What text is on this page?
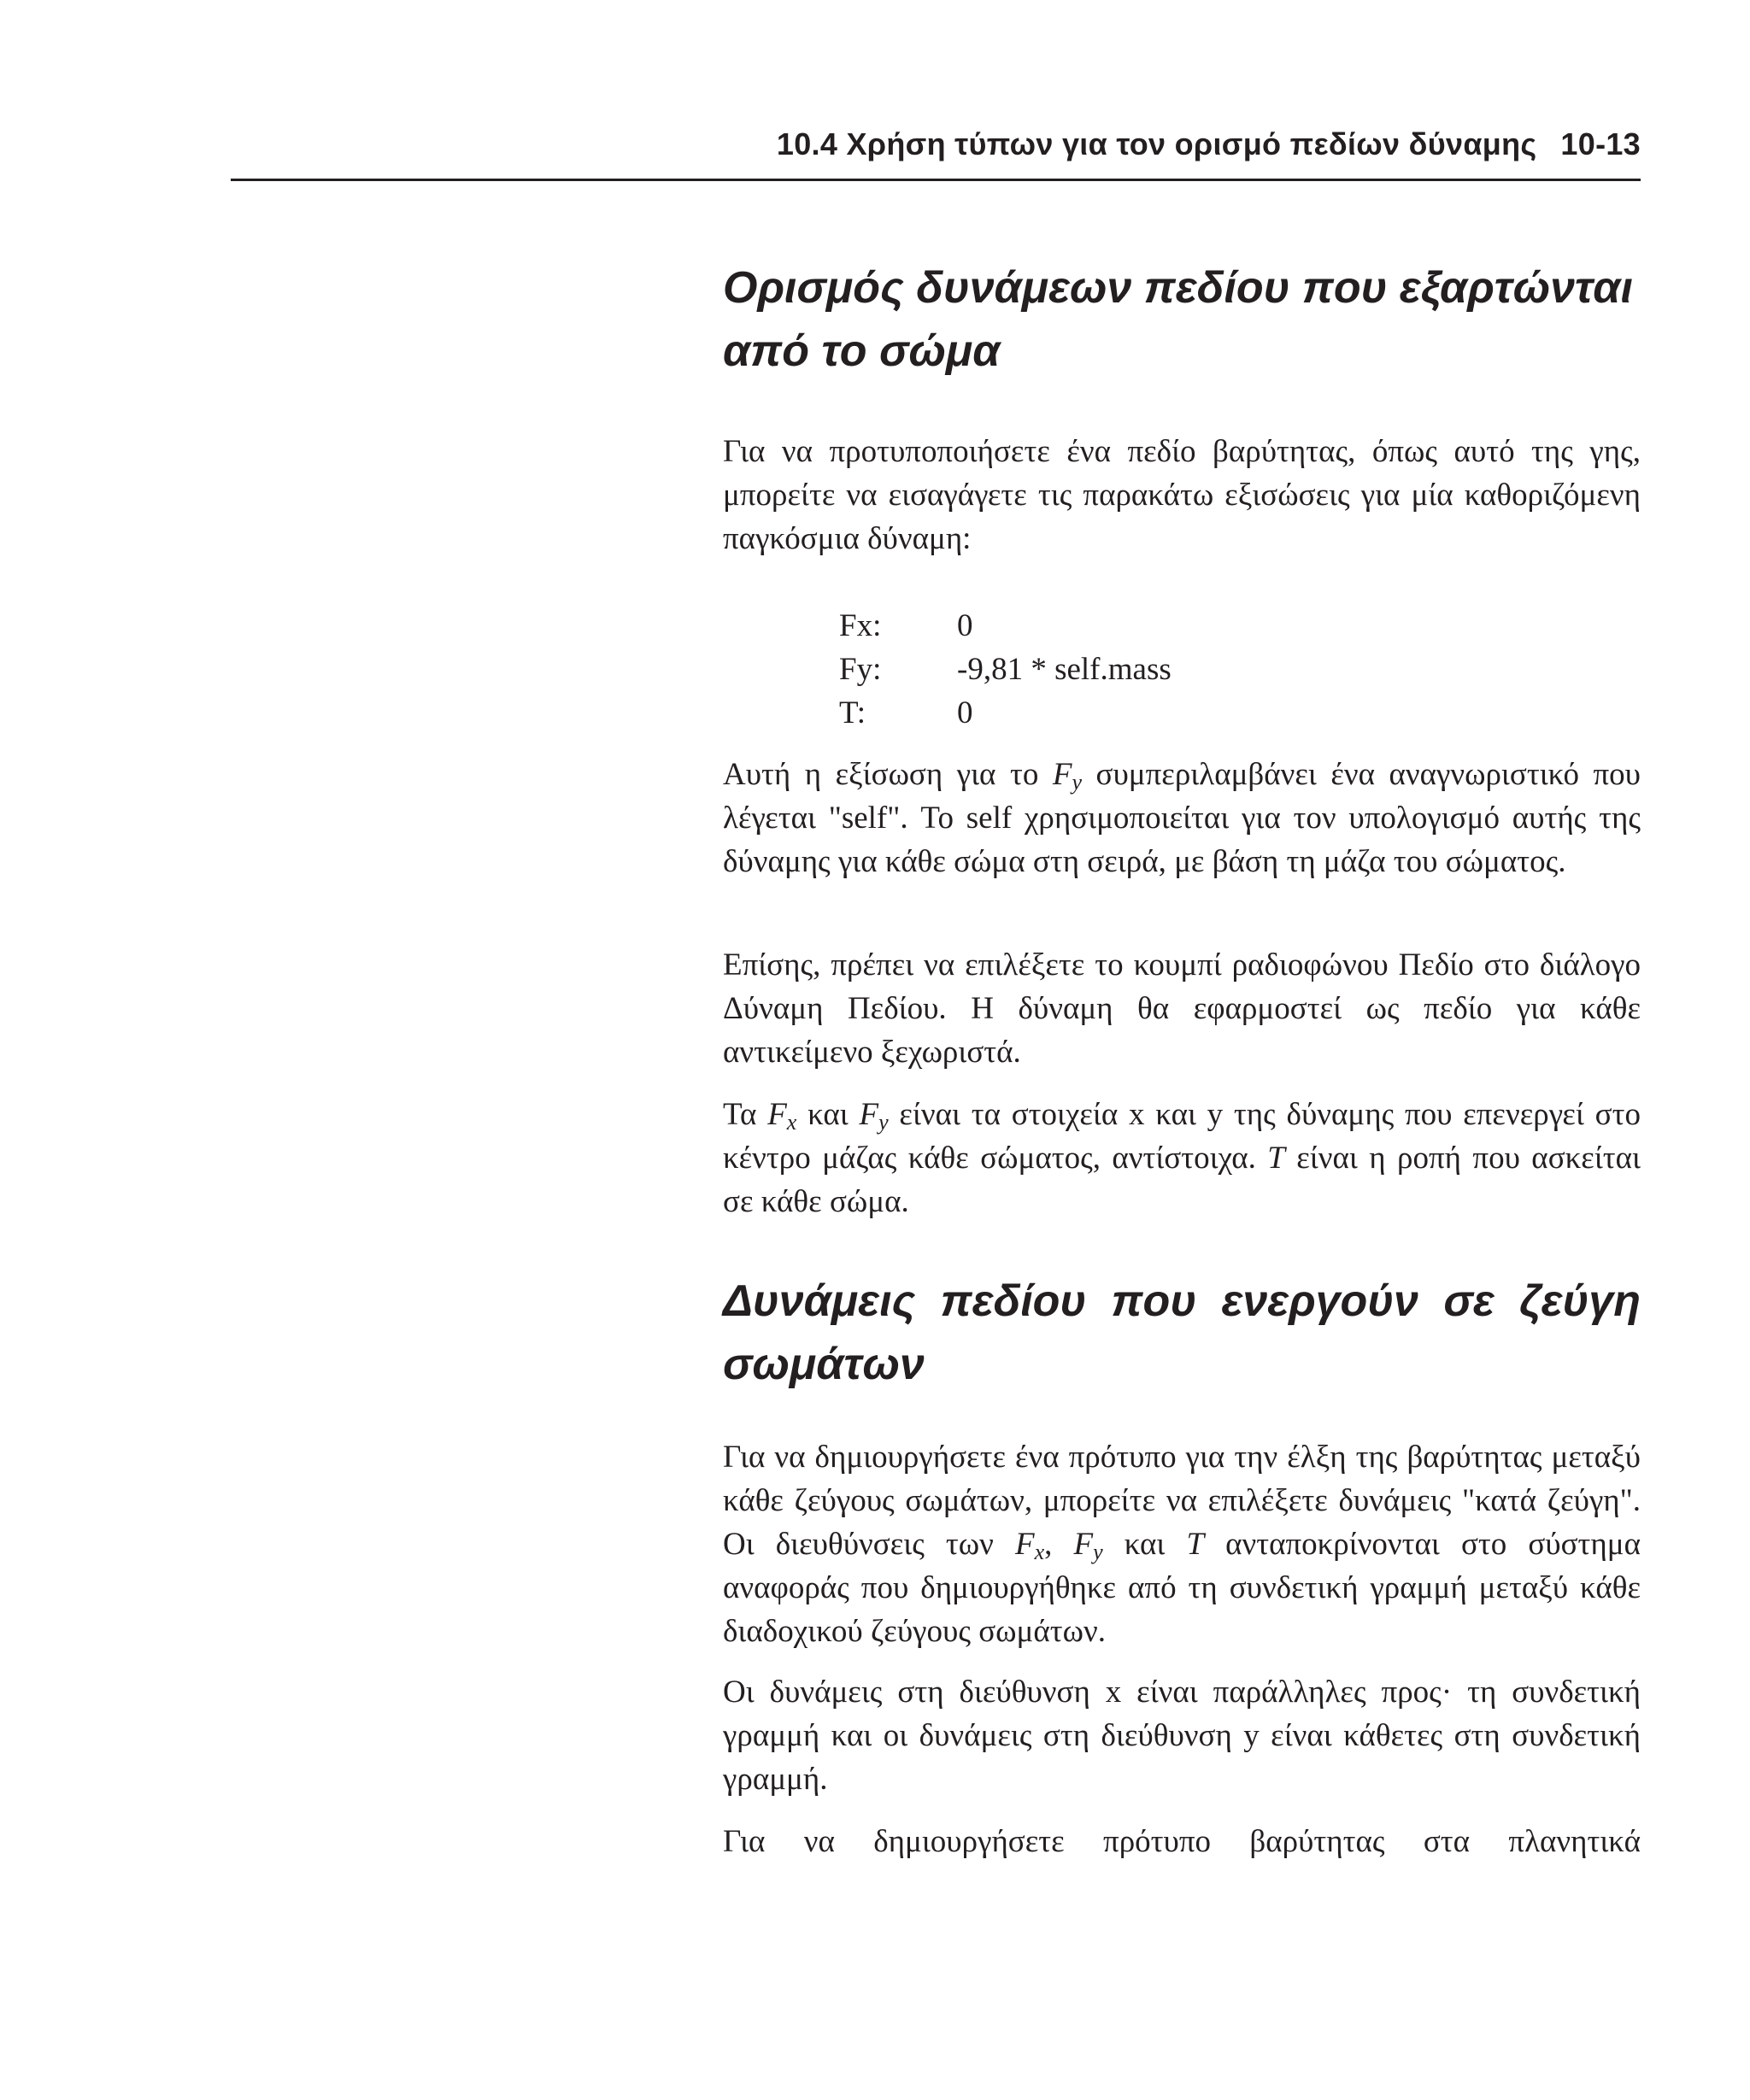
10.4 Χρήση τύπων για τον ορισμό πεδίων δύναμης 10-13
Ορισμός δυνάμεων πεδίου που εξαρτώνται
από το σώμα

Για να προτυποποιήσετε ένα πεδίο βαρύτητας, όπως αυτό της γης, μπορείτε να εισαγάγετε τις παρακάτω εξισώσεις για μία καθοριζόμενη παγκόσμια δύναμη:

Fx: 0
Fy: -9,81 * self.mass
T:	0

Αυτή η εξίσωση για το $F_y$ συμπεριλαμβάνει ένα αναγνωριστικό που λέγεται "self". Το self χρησιμοποιείται για τον υπολογισμό αυτής της δύναμης για κάθε σώμα στη σειρά, με βάση τη μάζα του σώματος.

Επίσης, πρέπει να επιλέξετε το κουμπί ραδιοφώνου Πεδίο στο διάλογο Δύναμη Πεδίου. Η δύναμη θα εφαρμοστεί ως πεδίο για κάθε αντικείμενο ξεχωριστά.

Τα $F_x$ και $F_y$ είναι τα στοιχεία x και y της δύναμης που επενεργεί στο κέντρο μάζας κάθε σώματος, αντίστοιχα. T είναι η ροπή που ασκείται σε κάθε σώμα.

Δυνάμεις πεδίου που ενεργούν σε ζεύγη
σωμάτων

Για να δημιουργήσετε ένα πρότυπο για την έλξη της βαρύτητας μεταξύ κάθε ζεύγους σωμάτων, μπορείτε να επιλέξετε δυνάμεις "κατά ζεύγη". Οι διευθύνσεις των $F_x$, $F_y$ και T ανταποκρίνονται στο σύστημα αναφοράς που δημιουργήθηκε από τη συνδετική γραμμή μεταξύ κάθε διαδοχικού ζεύγους σωμάτων.

Οι δυνάμεις στη διεύθυνση x είναι παράλληλες προς· τη συνδετική γραμμή και οι δυνάμεις στη διεύθυνση y είναι κάθετες στη συνδετική γραμμή.

Για να δημιουργήσετε πρότυπο βαρύτητας στα πλανητικά
